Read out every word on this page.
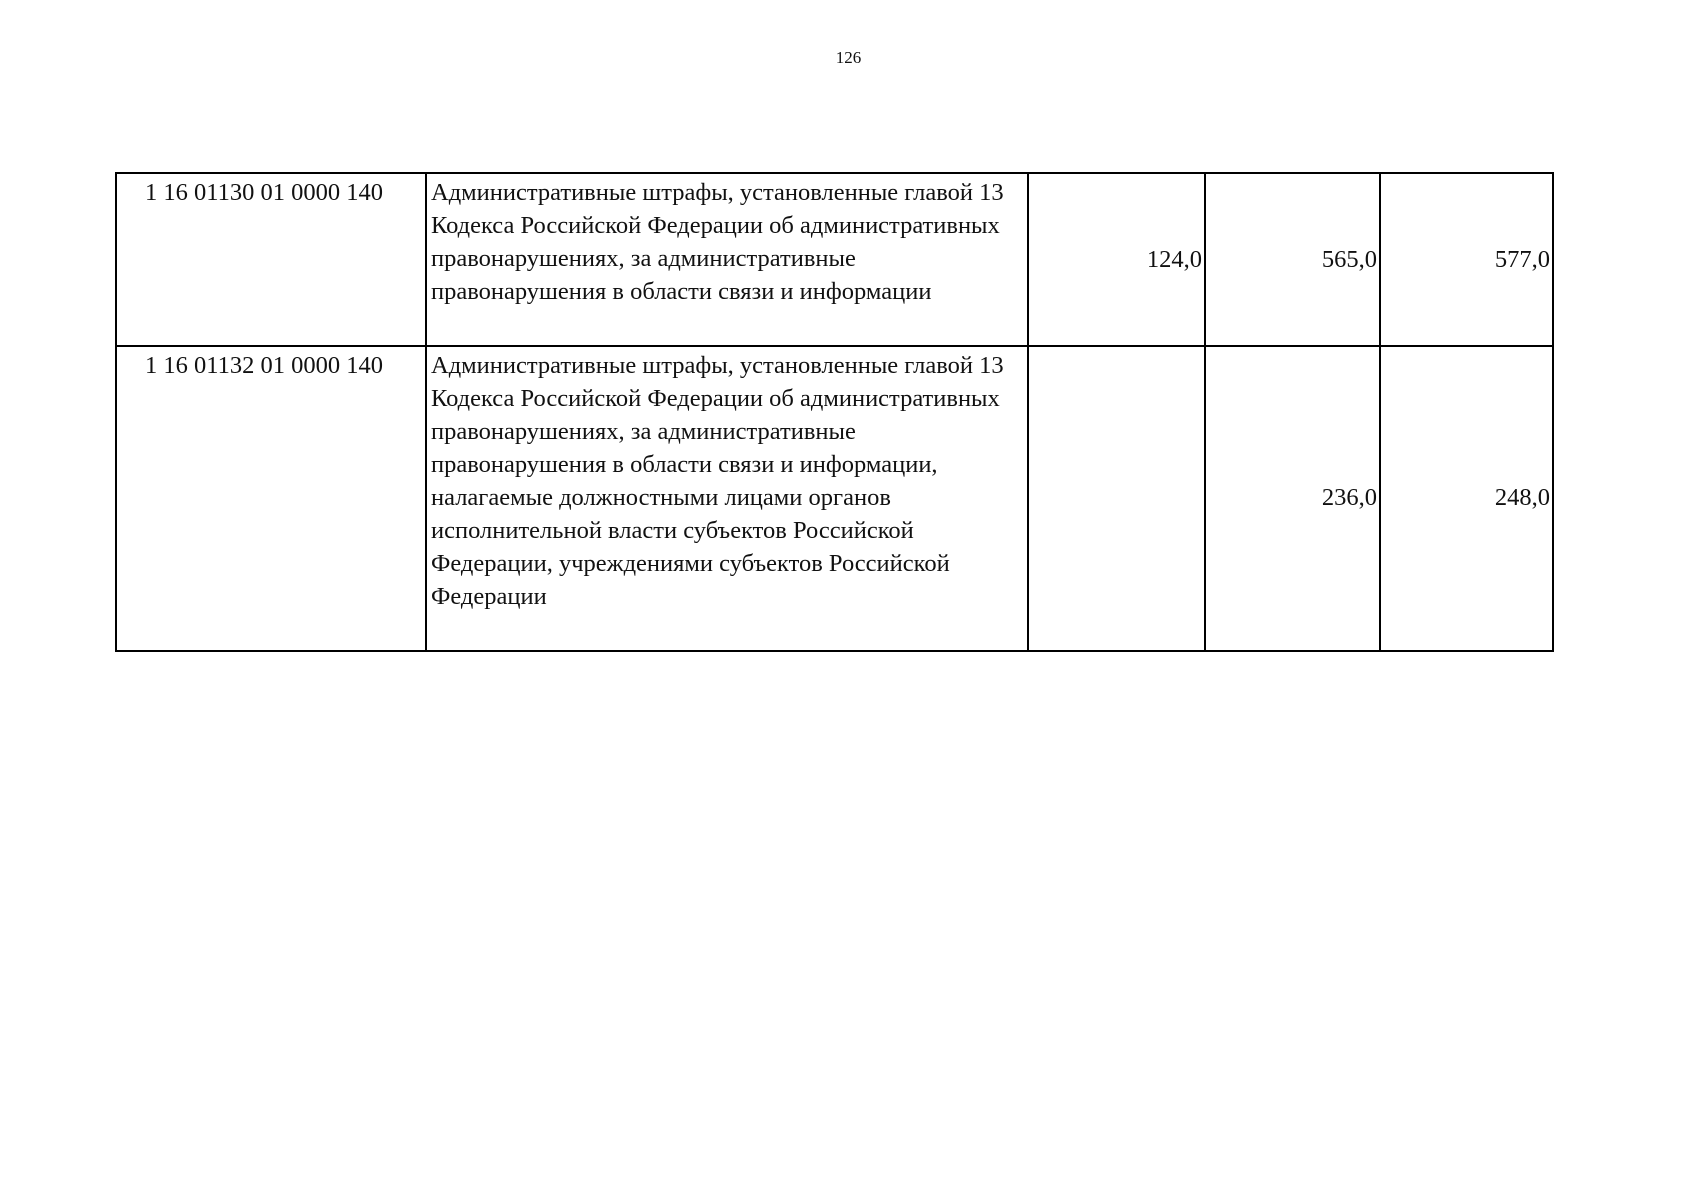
126
1 16 01130 01 0000 140	Административные штрафы, установленные главой 13 Кодекса Российской Федерации об административных правонарушениях, за административные правонарушения в области связи и информации	124,0	565,0	577,0
1 16 01132 01 0000 140	Административные штрафы, установленные главой 13 Кодекса Российской Федерации об административных правонарушениях, за административные правонарушения в области связи и информации, налагаемые должностными лицами органов исполнительной власти субъектов Российской Федерации, учреждениями субъектов Российской Федерации		236,0	248,0
